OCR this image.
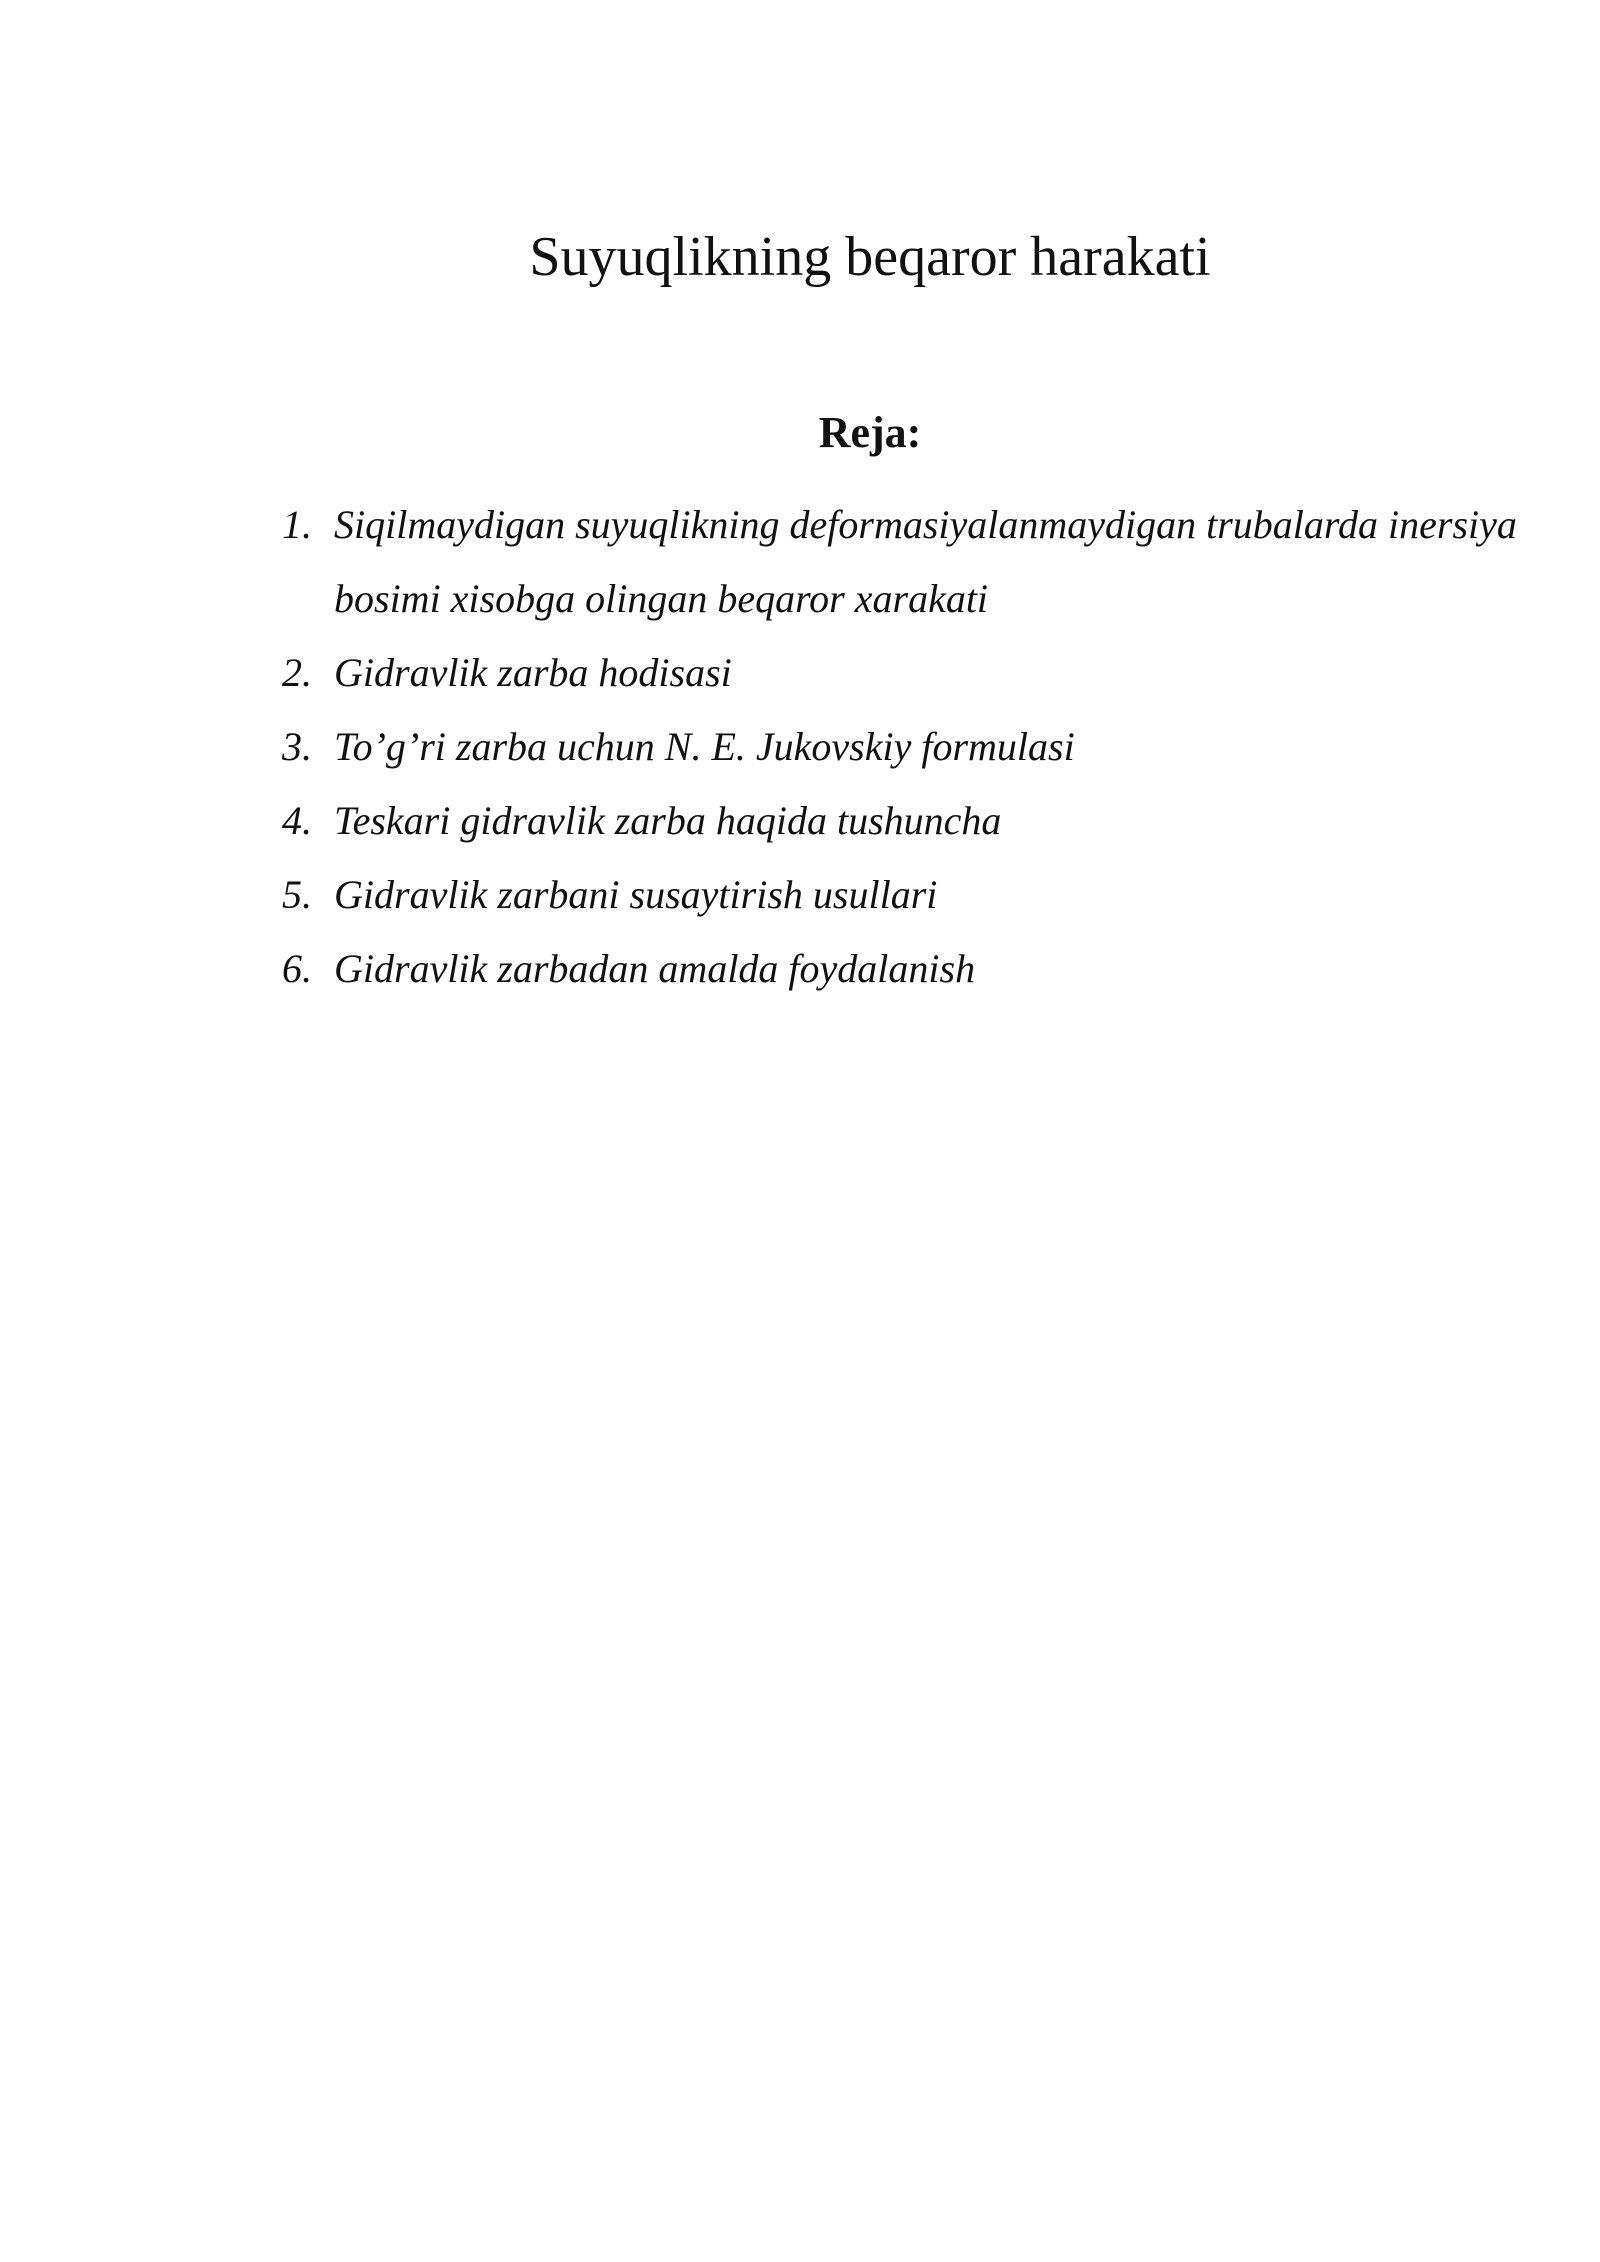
Suyuqlikning beqaror harakati
Reja:
1. Siqilmaydigan suyuqlikning deformasiyalanmaydigan trubalarda inersiya bosimi xisobga olingan beqaror xarakati
2. Gidravlik zarba hodisasi
3. To’g’ri zarba uchun N. E. Jukovskiy formulasi
4. Teskari gidravlik zarba haqida tushuncha
5. Gidravlik zarbani susaytirish usullari
6. Gidravlik zarbadan amalda foydalanish
